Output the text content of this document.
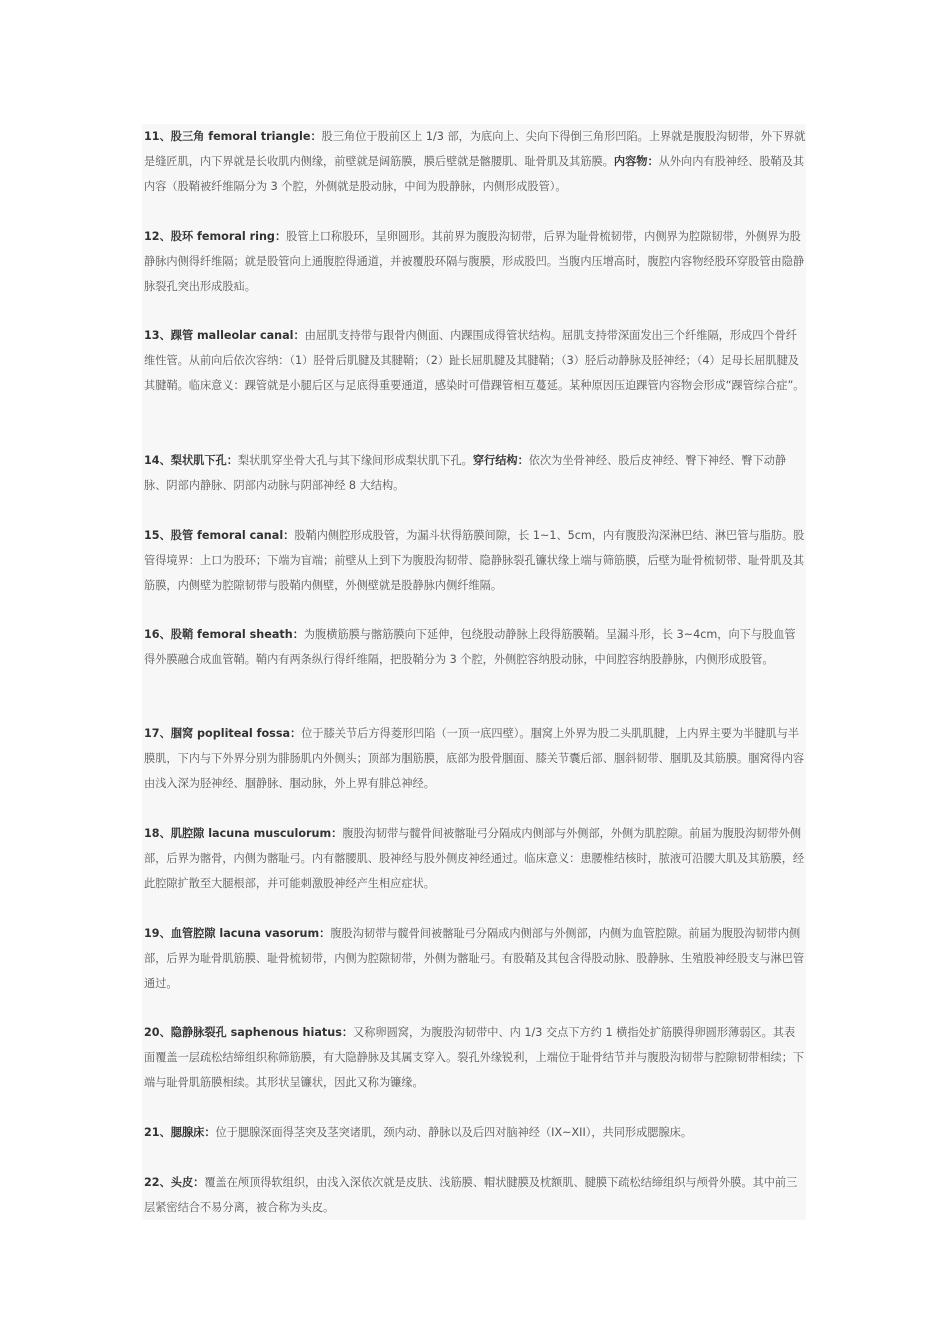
11、股三角 femoral triangle：股三角位于股前区上 1/3 部，为底向上、尖向下得倒三角形凹陷。上界就是腹股沟韧带，外下界就是缝匠肌，内下界就是长收肌内侧缘，前壁就是阔筋膜，膜后壁就是髂腰肌、耻骨肌及其筋膜。内容物：从外向内有股神经、股鞘及其内容（股鞘被纤维隔分为 3 个腔，外侧就是股动脉，中间为股静脉，内侧形成股管）。

12、股环 femoral ring：股管上口称股环，呈卵圆形。其前界为腹股沟韧带，后界为耻骨梳韧带，内侧界为腔隙韧带，外侧界为股静脉内侧得纤维隔；就是股管向上通腹腔得通道，并被覆股环隔与腹膜，形成股凹。当腹内压增高时，腹腔内容物经股环穿股管由隐静脉裂孔突出形成股疝。

13、踝管 malleolar canal：由屈肌支持带与跟骨内侧面、内踝围成得管状结构。屈肌支持带深面发出三个纤维隔，形成四个骨纤维性管。从前向后依次容纳：（1）胫骨后肌腱及其腱鞘；（2）趾长屈肌腱及其腱鞘；（3）胫后动静脉及胫神经；（4）足母长屈肌腱及其腱鞘。临床意义：踝管就是小腿后区与足底得重要通道，感染时可借踝管相互蔓延。某种原因压迫踝管内容物会形成“踝管综合症”。

14、梨状肌下孔：梨状肌穿坐骨大孔与其下缘间形成梨状肌下孔。穿行结构：依次为坐骨神经、股后皮神经、臀下神经、臀下动静脉、阴部内静脉、阴部内动脉与阴部神经 8 大结构。

15、股管 femoral canal：股鞘内侧腔形成股管，为漏斗状得筋膜间隙，长 1~1、5cm，内有腹股沟深淋巴结、淋巴管与脂肪。股管得境界：上口为股环；下端为盲端；前壁从上到下为腹股沟韧带、隐静脉裂孔镰状缘上端与筛筋膜，后壁为耻骨梳韧带、耻骨肌及其筋膜，内侧壁为腔隙韧带与股鞘内侧壁，外侧壁就是股静脉内侧纤维隔。

16、股鞘 femoral sheath：为腹横筋膜与髂筋膜向下延伸，包绕股动静脉上段得筋膜鞘。呈漏斗形，长 3~4cm，向下与股血管得外膜融合成血管鞘。鞘内有两条纵行得纤维隔，把股鞘分为 3 个腔，外侧腔容纳股动脉，中间腔容纳股静脉，内侧形成股管。

17、腘窝 popliteal fossa：位于膝关节后方得菱形凹陷（一顶一底四壁）。腘窝上外界为股二头肌肌腱，上内界主要为半腱肌与半膜肌，下内与下外界分别为腓肠肌内外侧头；顶部为腘筋膜，底部为股骨腘面、膝关节囊后部、腘斜韧带、腘肌及其筋膜。腘窝得内容由浅入深为胫神经、腘静脉、腘动脉，外上界有腓总神经。

18、肌腔隙 lacuna musculorum：腹股沟韧带与髋骨间被髂耻弓分隔成内侧部与外侧部，外侧为肌腔隙。前届为腹股沟韧带外侧部，后界为髂骨，内侧为髂耻弓。内有髂腰肌、股神经与股外侧皮神经通过。临床意义：患腰椎结核时，脓液可沿腰大肌及其筋膜，经此腔隙扩散至大腿根部，并可能刺激股神经产生相应症状。

19、血管腔隙 lacuna vasorum：腹股沟韧带与髋骨间被髂耻弓分隔成内侧部与外侧部，内侧为血管腔隙。前届为腹股沟韧带内侧部，后界为耻骨肌筋膜、耻骨梳韧带，内侧为腔隙韧带，外侧为髂耻弓。有股鞘及其包含得股动脉、股静脉、生殖股神经股支与淋巴管通过。

20、隐静脉裂孔 saphenous hiatus：又称卵圆窝，为腹股沟韧带中、内 1/3 交点下方约 1 横指处扩筋膜得卵圆形薄弱区。其表面覆盖一层疏松结缔组织称筛筋膜，有大隐静脉及其属支穿入。裂孔外缘锐利，上端位于耻骨结节并与腹股沟韧带与腔隙韧带相续；下端与耻骨肌筋膜相续。其形状呈镰状，因此又称为镰缘。

21、腮腺床：位于腮腺深面得茎突及茎突诸肌，颈内动、静脉以及后四对脑神经（IX~XII），共同形成腮腺床。

22、头皮：覆盖在颅顶得软组织，由浅入深依次就是皮肤、浅筋膜、帽状腱膜及枕额肌、腱膜下疏松结缔组织与颅骨外膜。其中前三层紧密结合不易分离，被合称为头皮。
